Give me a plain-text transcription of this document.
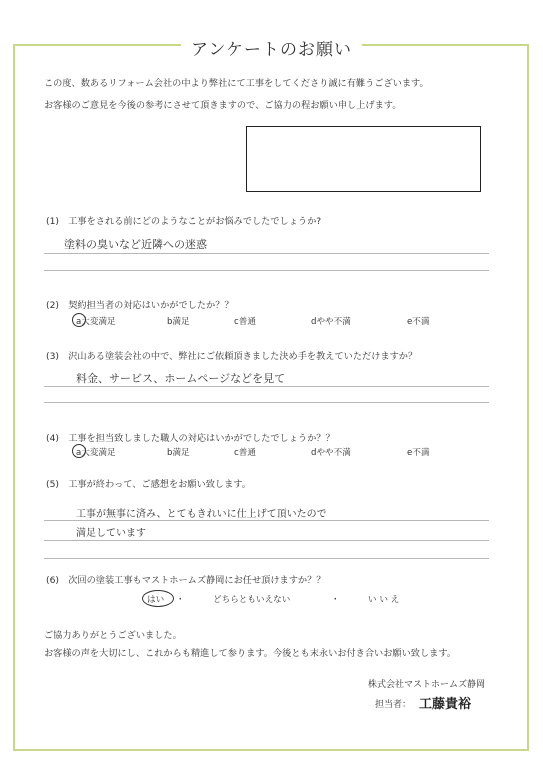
アンケートのお願い
この度、数あるリフォーム会社の中より弊社にて工事をしてくださり誠に有難うございます。
お客様のご意見を今後の参考にさせて頂きますので、ご協力の程お願い申し上げます。
(1)　工事をされる前にどのようなことがお悩みでしたでしょうか?
塗料の臭いなど近隣への迷惑
(2)　契約担当者の対応はいかがでしたか？？
a大変満足	b満足	c普通	dやや不満	e不満
(3)　沢山ある塗装会社の中で、弊社にご依頼頂きました決め手を教えていただけますか？
料金、サービス、ホームページなどを見て
(4)　工事を担当致しました職人の対応はいかがでしたでしょうか？？
a大変満足	b満足	c普通	dやや不満	e不満
(5)　工事が終わって、ご感想をお願い致します。
工事が無事に済み、とてもきれいに仕上げて頂いたので
満足しています
(6)　次回の塗装工事もマストホームズ静岡にお任せ頂けますか？？
はい ・	どちらともいえない	・	い い え
ご協力ありがとうございました。
お客様の声を大切にし、これからも精進して参ります。今後とも末永いお付き合いお願い致します。
株式会社マストホームズ静岡
担当者： 工藤貴裕
